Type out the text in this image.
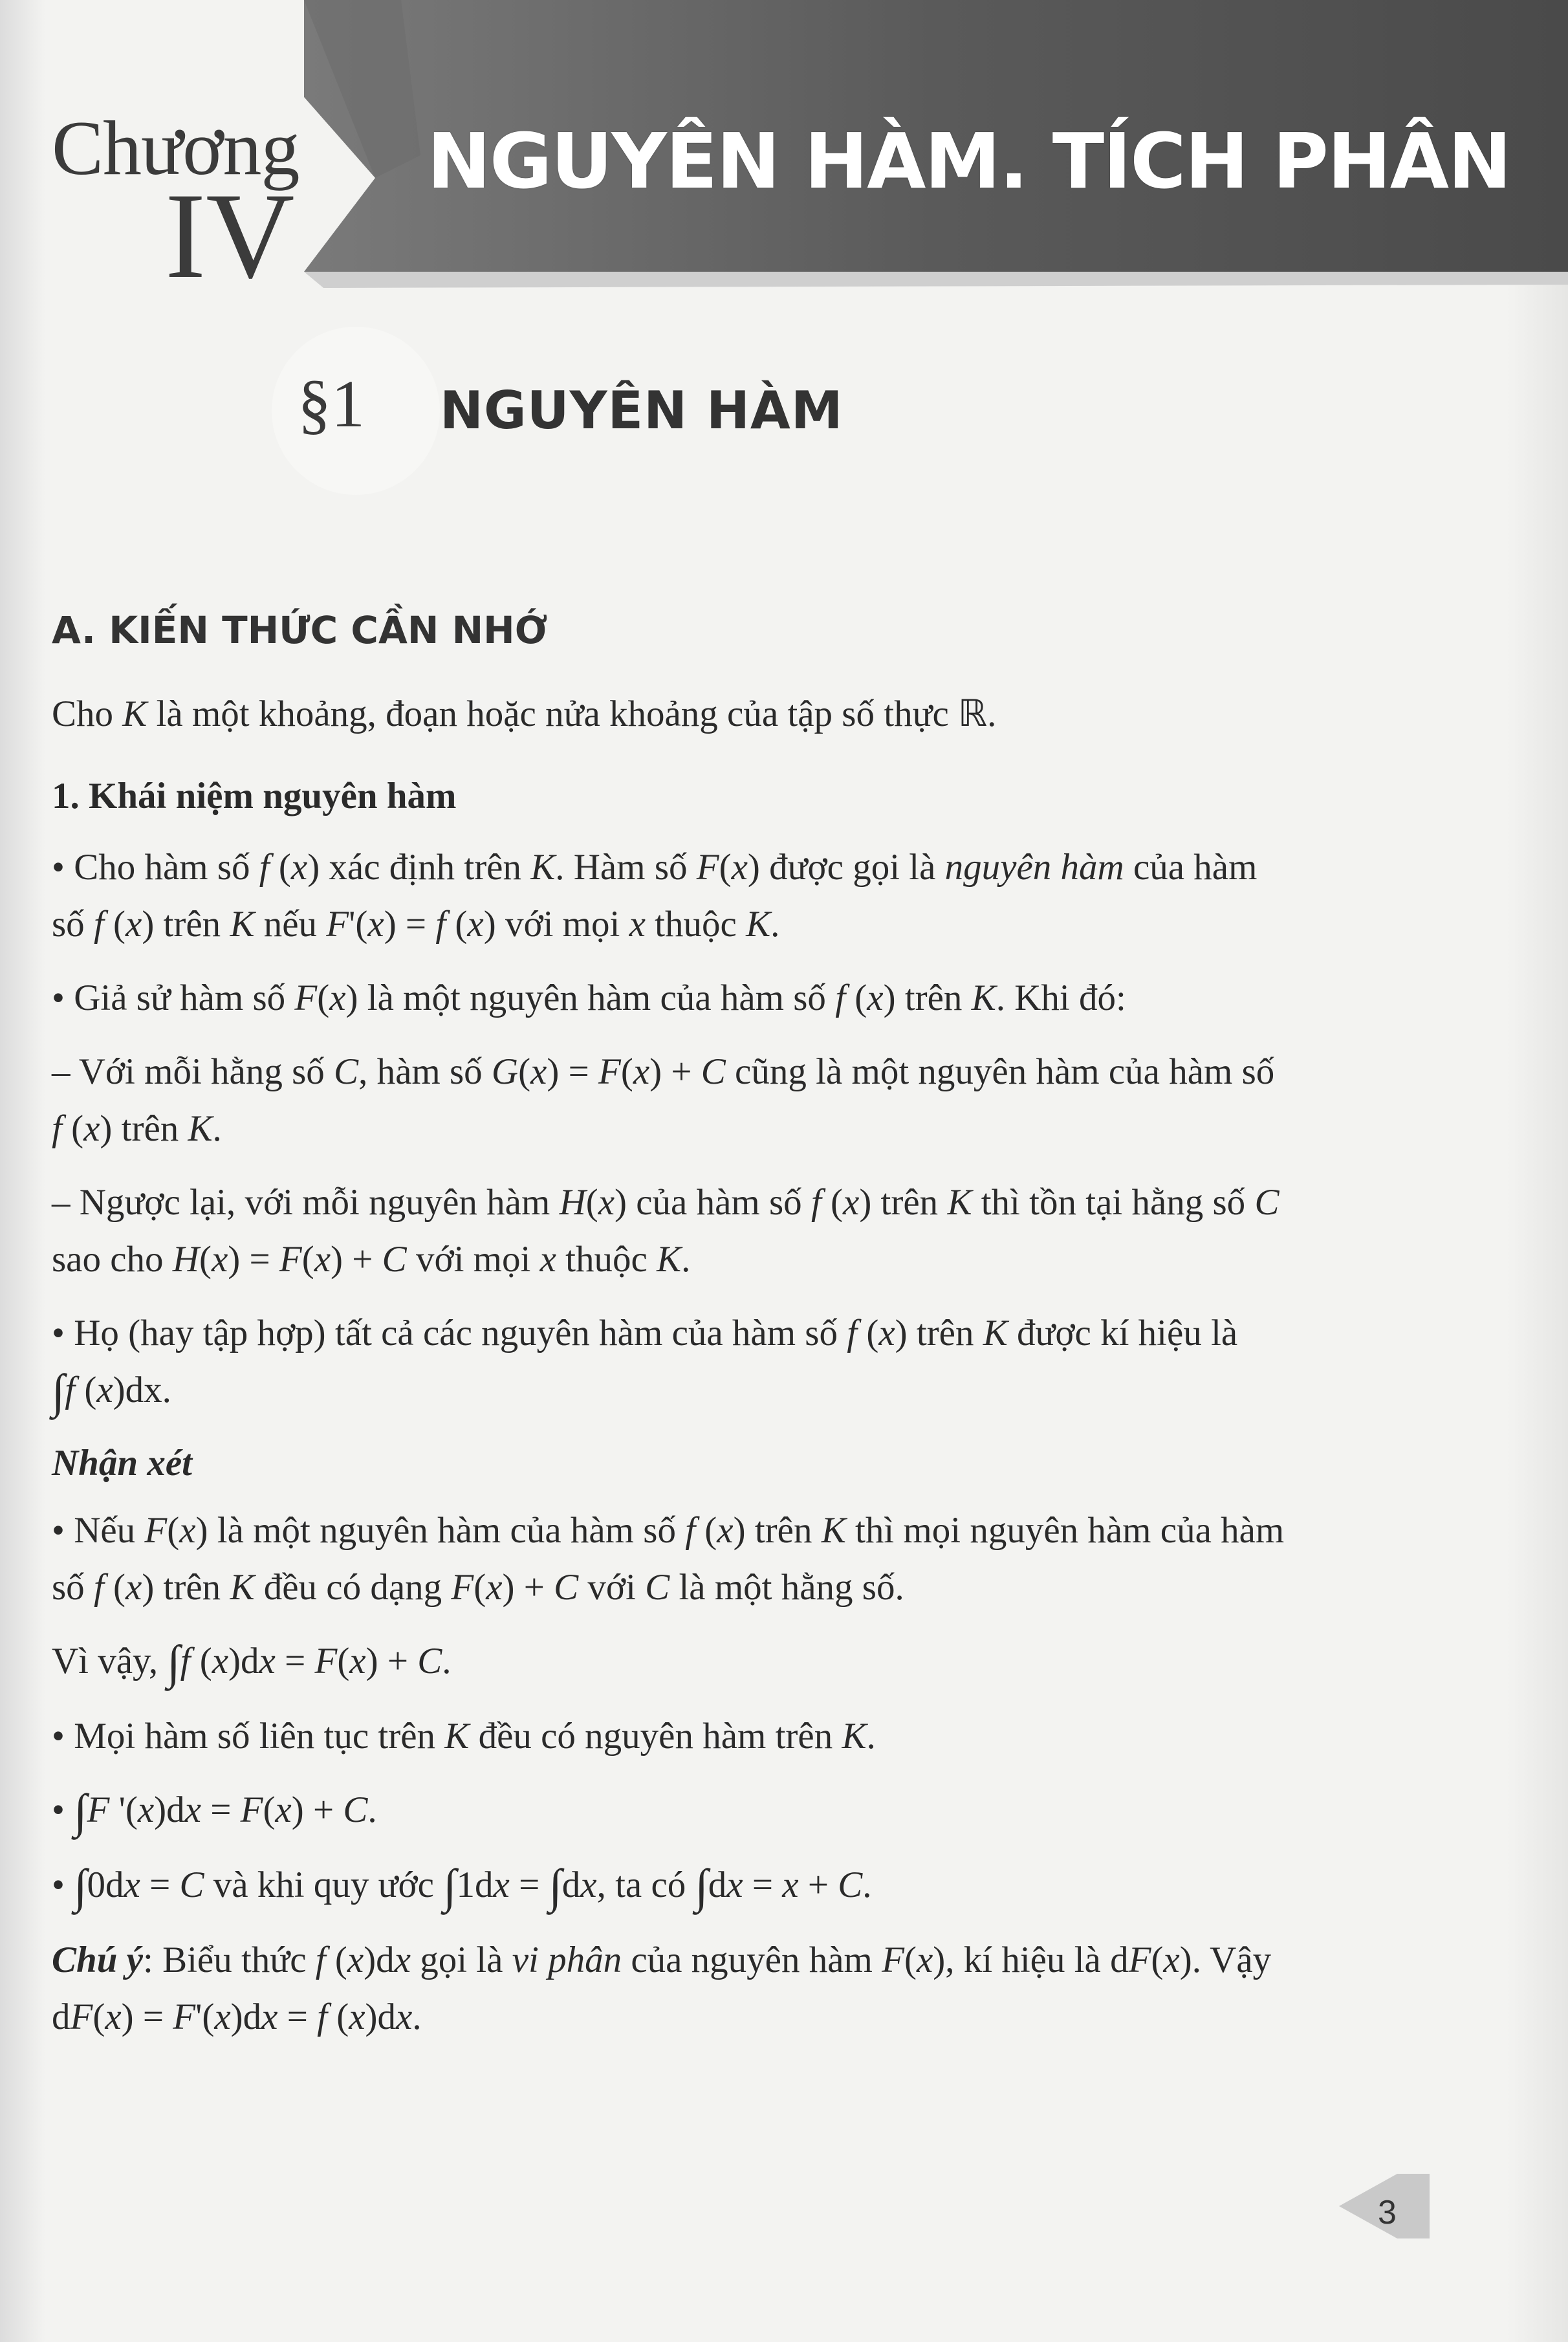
Chương
IV
NGUYÊN HÀM. TÍCH PHÂN
§1 NGUYÊN HÀM
A. KIẾN THỨC CẦN NHỚ

Cho K là một khoảng, đoạn hoặc nửa khoảng của tập số thực ℝ.

1. Khái niệm nguyên hàm

• Cho hàm số f (x) xác định trên K. Hàm số F(x) được gọi là nguyên hàm của hàm
số f (x) trên K nếu F'(x) = f (x) với mọi x thuộc K.

• Giả sử hàm số F(x) là một nguyên hàm của hàm số f (x) trên K. Khi đó:

– Với mỗi hằng số C, hàm số G(x) = F(x) + C cũng là một nguyên hàm của hàm số
f (x) trên K.

– Ngược lại, với mỗi nguyên hàm H(x) của hàm số f (x) trên K thì tồn tại hằng số C
sao cho H(x) = F(x) + C với mọi x thuộc K.

• Họ (hay tập hợp) tất cả các nguyên hàm của hàm số f (x) trên K được kí hiệu là
∫f (x)dx.

Nhận xét

• Nếu F(x) là một nguyên hàm của hàm số f (x) trên K thì mọi nguyên hàm của hàm
số f (x) trên K đều có dạng F(x) + C với C là một hằng số.

Vì vậy, ∫f (x)dx = F(x) + C.

• Mọi hàm số liên tục trên K đều có nguyên hàm trên K.

• ∫F '(x)dx = F(x) + C.

• ∫0dx = C và khi quy ước ∫1dx = ∫dx, ta có ∫dx = x + C.

Chú ý: Biểu thức f (x)dx gọi là vi phân của nguyên hàm F(x), kí hiệu là dF(x). Vậy
dF(x) = F'(x)dx = f (x)dx.

3
